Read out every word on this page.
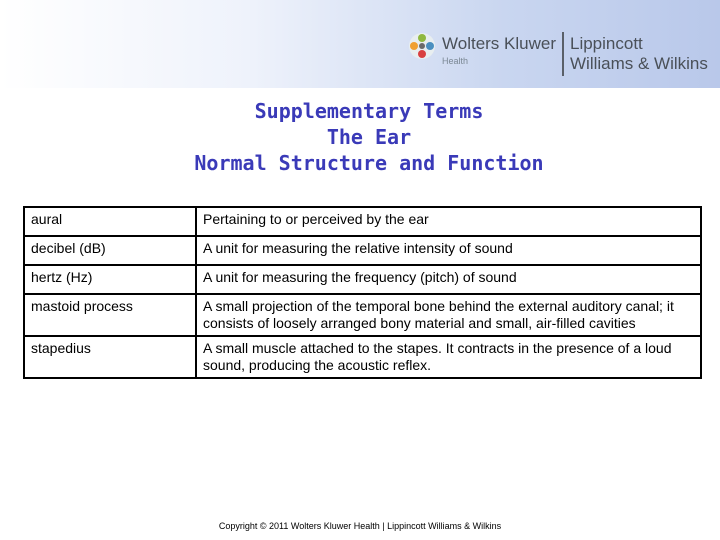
Wolters Kluwer
Health
Lippincott
Williams & Wilkins
Supplementary Terms
The Ear
Normal Structure and Function
aural	Pertaining to or perceived by the ear
decibel (dB)	A unit for measuring the relative intensity of sound
hertz (Hz)	A unit for measuring the frequency (pitch) of sound
mastoid process	A small projection of the temporal bone behind the external auditory canal; it consists of loosely arranged bony material and small, air-filled cavities
stapedius	A small muscle attached to the stapes. It contracts in the presence of a loud sound, producing the acoustic reflex.
Copyright © 2011 Wolters Kluwer Health | Lippincott Williams & Wilkins
